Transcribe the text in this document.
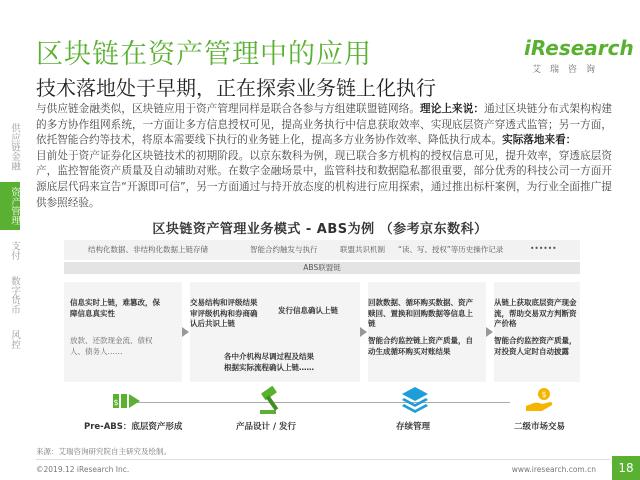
区块链在资产管理中的应用
技术落地处于早期，正在探索业务链上化执行
iResearch
艾瑞咨询
供应链金融
资产管理
支付
数字货币
风控
与供应链金融类似，区块链应用于资产管理同样是联合各参与方组建联盟链网络。理论上来说：通过区块链分布式架构构建的多方协作组网系统，一方面让多方信息授权可见，提高业务执行中信息获取效率、实现底层资产穿透式监管；另一方面，依托智能合约等技术，将原本需要线下执行的业务链上化，提高多方业务协作效率、降低执行成本。实际落地来看：
目前处于资产证券化区块链技术的初期阶段。以京东数科为例，现已联合多方机构的授权信息可见，提升效率，穿透底层资产，监控智能资产质量及自动辅助对账。在数字金融场景中，监管科技和数据隐私都很重要，部分优秀的科技公司一方面开源底层代码来宣告“开源即可信”，另一方面通过与持开放态度的机构进行应用探索，通过推出标杆案例，为行业全面推广提供参照经验。
区块链资产管理业务模式 - ABS为例 （参考京东数科）
结构化数据、非结构化数据上链存储	智能合约触发与执行	联盟共识机制 “读、写、授权”等历史操作记录	••••••
ABS联盟链
信息实时上链，难篡改，保障信息真实性
放款、还款现金流、债权人、债务人……
交易结构和评级结果审评级机构和券商确认后共识上链
发行信息确认上链
各中介机构尽调过程及结果根据实际流程确认上链……
回款数据、循环购买数据、资产赎回、置换和回购数据等信息上链
智能合约监控链上资产质量，自动生成循环购买对账结果
从链上获取底层资产现金流，帮助交易双方判断资产价格
智能合约监控资产质量，对投资人定时自动披露
$
Pre-ABS：底层资产形成	产品设计 / 发行	存续管理
$
二级市场交易
来源：艾瑞咨询研究院自主研究及绘制。
©2019.12 iResearch Inc.	www.iresearch.com.cn	18
